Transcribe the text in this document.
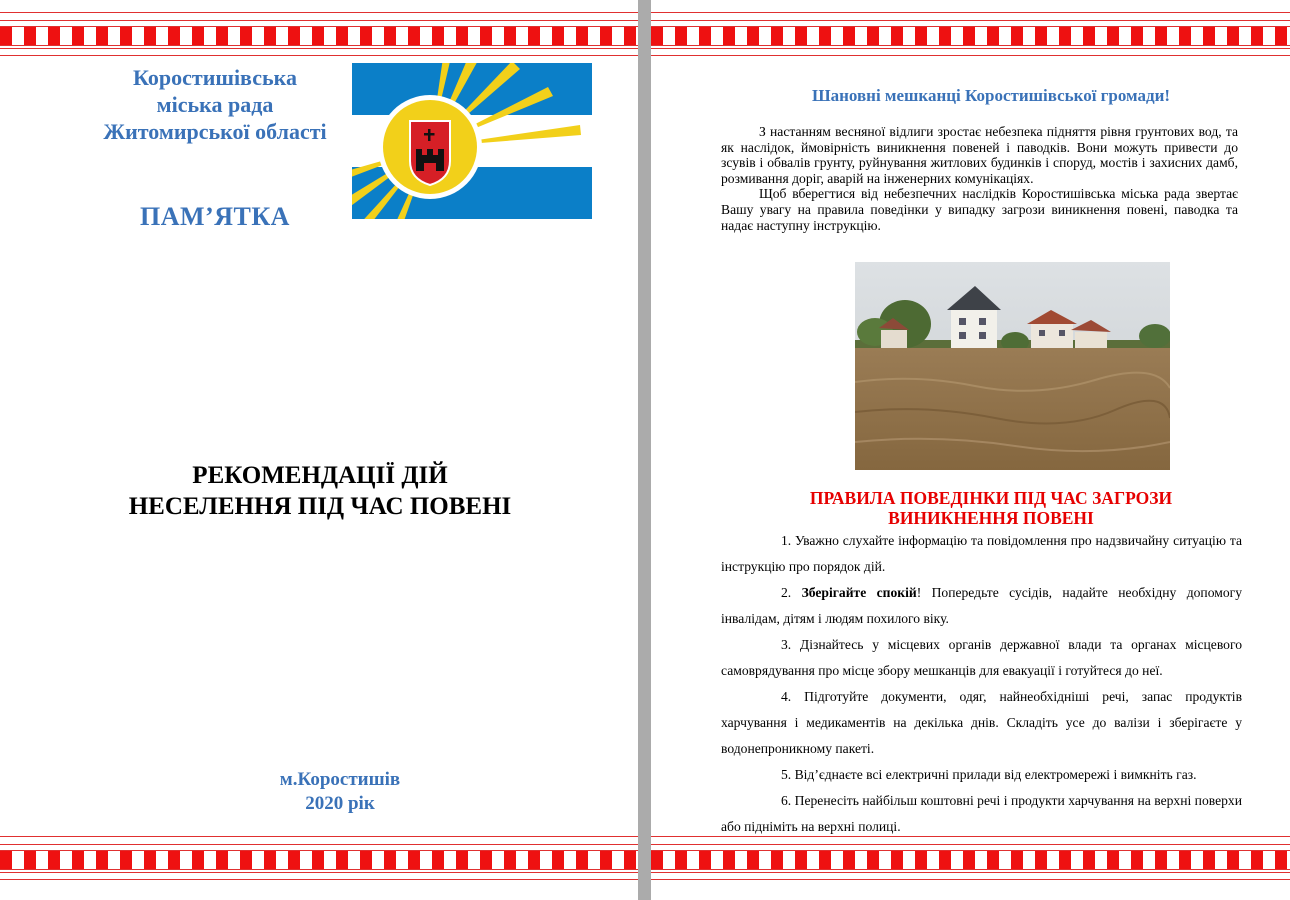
Коростишівська
міська рада
Житомирської області
ПАМ’ЯТКА
РЕКОМЕНДАЦІЇ ДІЙ
НЕСЕЛЕННЯ ПІД ЧАС ПОВЕНІ
м.Коростишів
2020 рік
Шановні мешканці Коростишівської громади!

З настанням весняної відлиги зростає небезпека підняття рівня грунтових вод, та як наслідок, ймовірність виникнення повеней і паводків. Вони можуть привести до зсувів і обвалів грунту, руйнування житлових будинків і споруд, мостів і захисних дамб, розмивання доріг, аварій на інженерних комунікаціях.

Щоб вберегтися від небезпечних наслідків Коростишівська міська рада звертає Вашу увагу на правила поведінки у випадку загрози виникнення повені, паводка та надає наступну інструкцію.

ПРАВИЛА ПОВЕДІНКИ ПІД ЧАС ЗАГРОЗИ
ВИНИКНЕННЯ ПОВЕНІ

1. Уважно слухайте інформацію та повідомлення про надзвичайну ситуацію та інструкцію про порядок дій.

2. Зберігайте спокій! Попередьте сусідів, надайте необхідну допомогу інвалідам, дітям і людям похилого віку.

3. Дізнайтесь у місцевих органів державної влади та органах місцевого самоврядування про місце збору мешканців для евакуації і готуйтеся до неї.

4. Підготуйте документи, одяг, найнеобхідніші речі, запас продуктів харчування і медикаментів на декілька днів. Складіть усе до валізи і зберігаєте у водонепроникному пакеті.

5. Від’єднаєте всі електричні прилади від електромережі і вимкніть газ.

6. Перенесіть найбільш коштовні речі і продукти харчування на верхні поверхи або підніміть на верхні полиці.
